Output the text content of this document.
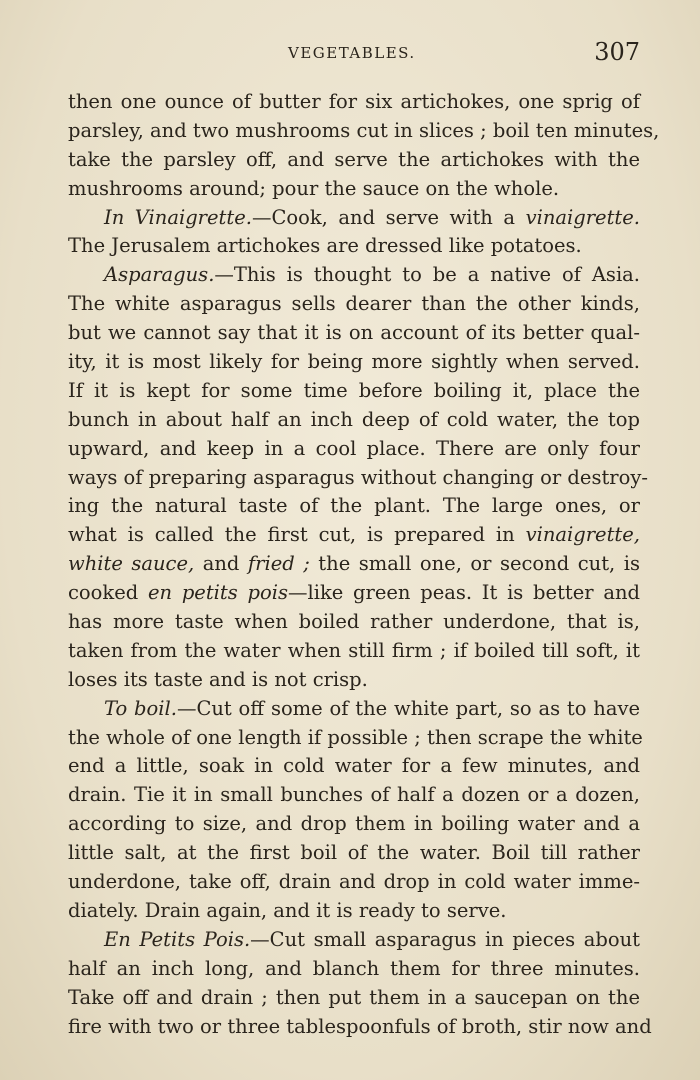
VEGETABLES.	307
then one ounce of butter for six artichokes, one sprig of
parsley, and two mushrooms cut in slices ; boil ten minutes,
take the parsley off, and serve the artichokes with the
mushrooms around; pour the sauce on the whole.
In Vinaigrette.—Cook, and serve with a vinaigrette.
The Jerusalem artichokes are dressed like potatoes.
Asparagus.—This is thought to be a native of Asia.
The white asparagus sells dearer than the other kinds,
but we cannot say that it is on account of its better qual-
ity, it is most likely for being more sightly when served.
If it is kept for some time before boiling it, place the
bunch in about half an inch deep of cold water, the top
upward, and keep in a cool place. There are only four
ways of preparing asparagus without changing or destroy-
ing the natural taste of the plant. The large ones, or
what is called the first cut, is prepared in vinaigrette,
white sauce, and fried ; the small one, or second cut, is
cooked en petits pois—like green peas. It is better and
has more taste when boiled rather underdone, that is,
taken from the water when still firm ; if boiled till soft, it
loses its taste and is not crisp.
To boil.—Cut off some of the white part, so as to have
the whole of one length if possible ; then scrape the white
end a little, soak in cold water for a few minutes, and
drain. Tie it in small bunches of half a dozen or a dozen,
according to size, and drop them in boiling water and a
little salt, at the first boil of the water. Boil till rather
underdone, take off, drain and drop in cold water imme-
diately. Drain again, and it is ready to serve.
En Petits Pois.—Cut small asparagus in pieces about
half an inch long, and blanch them for three minutes.
Take off and drain ; then put them in a saucepan on the
fire with two or three tablespoonfuls of broth, stir now and
